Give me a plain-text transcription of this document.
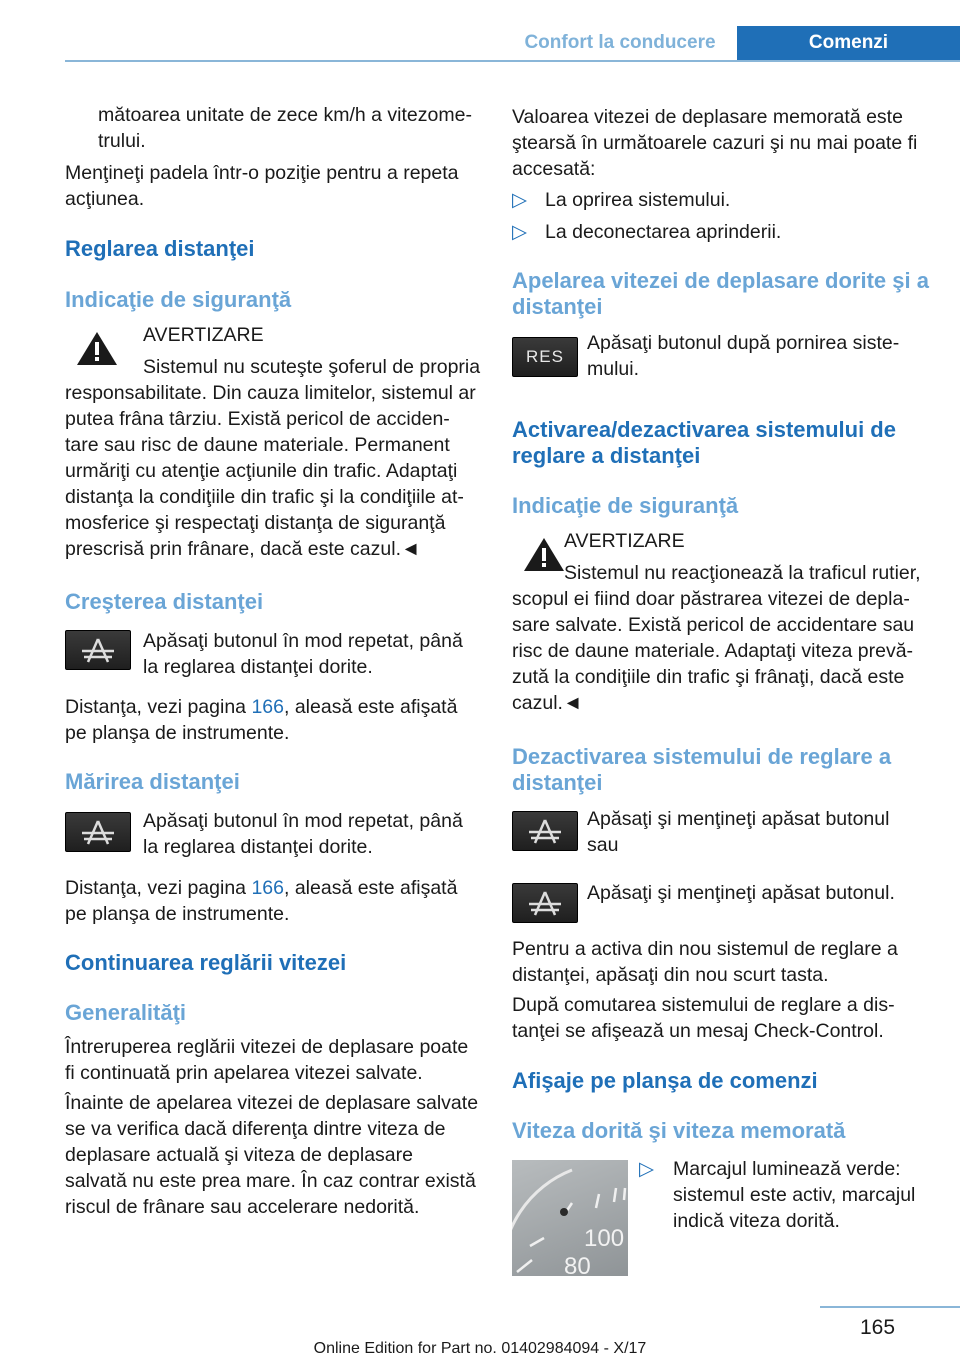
Confort la conducere	Comenzi
mătoarea unitate de zece km/h a vitezome-
trului.
Menţineţi padela într-o poziţie pentru a repeta acţiunea.
Reglarea distanţei
Indicaţie de siguranţă
AVERTIZARE
Sistemul nu scuteşte şoferul de propria
responsabilitate. Din cauza limitelor, sistemul ar putea frâna târziu. Există pericol de acciden-tare sau risc de daune materiale. Permanent urmăriţi cu atenţie acţiunile din trafic. Adaptaţi distanţa la condiţiile din trafic şi la condiţiile at-mosferice şi respectaţi distanţa de siguranţă prescrisă prin frânare, dacă este cazul.◄
Creşterea distanţei
Apăsaţi butonul în mod repetat, până la reglarea distanţei dorite.
Distanţa, vezi pagina 166, aleasă este afişată pe planşa de instrumente.
Mărirea distanţei
Apăsaţi butonul în mod repetat, până la reglarea distanţei dorite.
Distanţa, vezi pagina 166, aleasă este afişată pe planşa de instrumente.
Continuarea reglării vitezei
Generalităţi
Întreruperea reglării vitezei de deplasare poate fi continuată prin apelarea vitezei salvate.
Înainte de apelarea vitezei de deplasare salvate se va verifica dacă diferenţa dintre viteza de deplasare actuală şi viteza de deplasare salvată nu este prea mare. În caz contrar există riscul de frânare sau accelerare nedorită.
Valoarea vitezei de deplasare memorată este ştearsă în următoarele cazuri şi nu mai poate fi accesată:
▷ La oprirea sistemului.
▷ La deconectarea aprinderii.
Apelarea vitezei de deplasare dorite şi a distanţei
RES
Apăsaţi butonul după pornirea siste-mului.
Activarea/dezactivarea sistemului de reglare a distanţei
Indicaţie de siguranţă
AVERTIZARE
Sistemul nu reacţionează la traficul rutier,
scopul ei fiind doar păstrarea vitezei de depla-sare salvate. Există pericol de accidentare sau risc de daune materiale. Adaptaţi viteza prevă-zută la condiţiile din trafic şi frânaţi, dacă este cazul.◄
Dezactivarea sistemului de reglare a distanţei
Apăsaţi şi menţineţi apăsat butonul sau
Apăsaţi şi menţineţi apăsat butonul.
Pentru a activa din nou sistemul de reglare a distanţei, apăsaţi din nou scurt tasta.
După comutarea sistemului de reglare a dis-tanţei se afişează un mesaj Check-Control.
Afişaje pe planşa de comenzi
Viteza dorită şi viteza memorată
100
80
▷ Marcajul luminează verde: sistemul este activ, marcajul indică viteza dorită.
165
Online Edition for Part no. 01402984094 - X/17
